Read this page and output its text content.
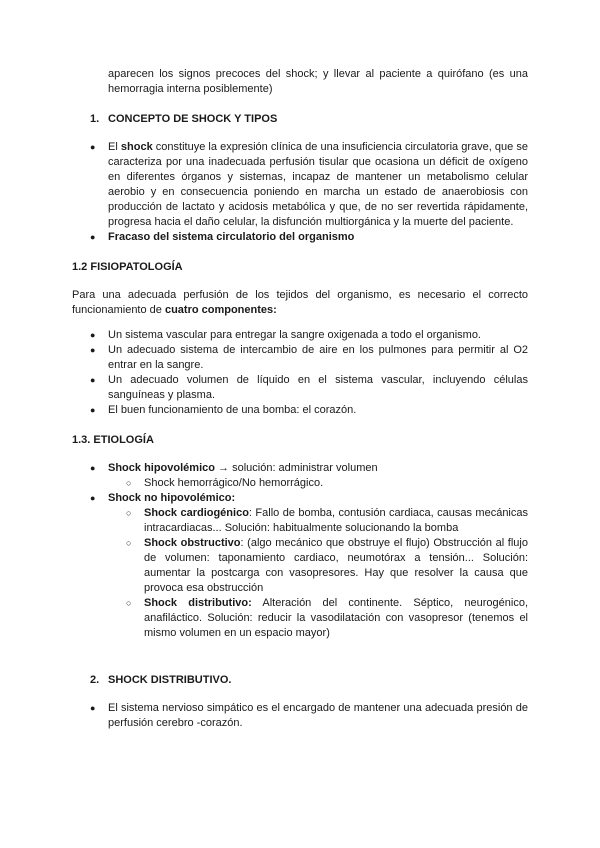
aparecen los signos precoces del shock; y llevar al paciente a quirófano (es una hemorragia interna posiblemente)

1. CONCEPTO DE SHOCK Y TIPOS
●	El shock constituye la expresión clínica de una insuficiencia circulatoria grave, que se caracteriza por una inadecuada perfusión tisular que ocasiona un déficit de oxígeno en diferentes órganos y sistemas, incapaz de mantener un metabolismo celular aerobio y en consecuencia poniendo en marcha un estado de anaerobiosis con producción de lactato y acidosis metabólica y que, de no ser revertida rápidamente, progresa hacia el daño celular, la disfunción multiorgánica y la muerte del paciente.
●	Fracaso del sistema circulatorio del organismo
1.2 FISIOPATOLOGÍA

Para una adecuada perfusión de los tejidos del organismo, es necesario el correcto funcionamiento de cuatro componentes:

●	Un sistema vascular para entregar la sangre oxigenada a todo el organismo.
●	Un adecuado sistema de intercambio de aire en los pulmones para permitir al O2 entrar en la sangre.
●	Un adecuado volumen de líquido en el sistema vascular, incluyendo células sanguíneas y plasma.
●	El buen funcionamiento de una bomba: el corazón.
1.3. ETIOLOGÍA
●	Shock hipovolémico → solución: administrar volumen
○	Shock hemorrágico/No hemorrágico.
●	Shock no hipovolémico:
○	Shock cardiogénico: Fallo de bomba, contusión cardiaca, causas mecánicas intracardiacas... Solución: habitualmente solucionando la bomba
○	Shock obstructivo: (algo mecánico que obstruye el flujo) Obstrucción al flujo de volumen: taponamiento cardiaco, neumotórax a tensión... Solución: aumentar la postcarga con vasopresores. Hay que resolver la causa que provoca esa obstrucción
○	Shock distributivo: Alteración del continente. Séptico, neurogénico, anafiláctico. Solución: reducir la vasodilatación con vasopresor (tenemos el mismo volumen en un espacio mayor)
2. SHOCK DISTRIBUTIVO.
●	El sistema nervioso simpático es el encargado de mantener una adecuada presión de perfusión cerebro -corazón.
